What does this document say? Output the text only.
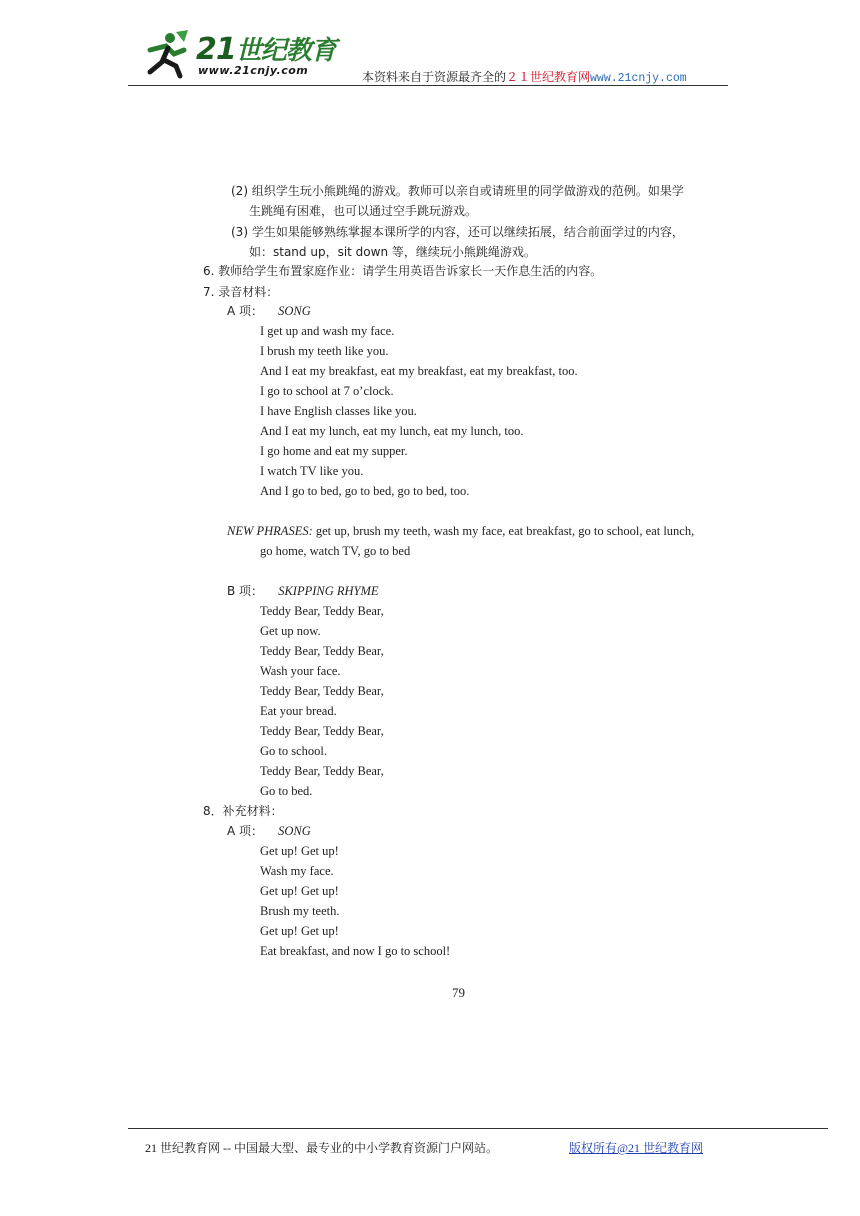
21世纪教育
www.21cnjy.com	本资料来自于资源最齐全的２１世纪教育网www.21cnjy.com
(2) 组织学生玩小熊跳绳的游戏。教师可以亲自或请班里的同学做游戏的范例。如果学
生跳绳有困难，也可以通过空手跳玩游戏。
(3) 学生如果能够熟练掌握本课所学的内容，还可以继续拓展，结合前面学过的内容，
如：stand up，sit down 等，继续玩小熊跳绳游戏。
6. 教师给学生布置家庭作业：请学生用英语告诉家长一天作息生活的内容。
7. 录音材料：
A 项： SONG
I get up and wash my face.
I brush my teeth like you.
And I eat my breakfast, eat my breakfast, eat my breakfast, too.
I go to school at 7 o’clock.
I have English classes like you.
And I eat my lunch, eat my lunch, eat my lunch, too.
I go home and eat my supper.
I watch TV like you.
And I go to bed, go to bed, go to bed, too.
NEW PHRASES: get up, brush my teeth, wash my face, eat breakfast, go to school, eat lunch,
go home, watch TV, go to bed
B 项： SKIPPING RHYME
Teddy Bear, Teddy Bear,
Get up now.
Teddy Bear, Teddy Bear,
Wash your face.
Teddy Bear, Teddy Bear,
Eat your bread.
Teddy Bear, Teddy Bear,
Go to school.
Teddy Bear, Teddy Bear,
Go to bed.
8．补充材料：
A 项： SONG
Get up! Get up!
Wash my face.
Get up! Get up!
Brush my teeth.
Get up! Get up!
Eat breakfast, and now I go to school!
79
21 世纪教育网 -- 中国最大型、最专业的中小学教育资源门户网站。	版权所有@21 世纪教育网
